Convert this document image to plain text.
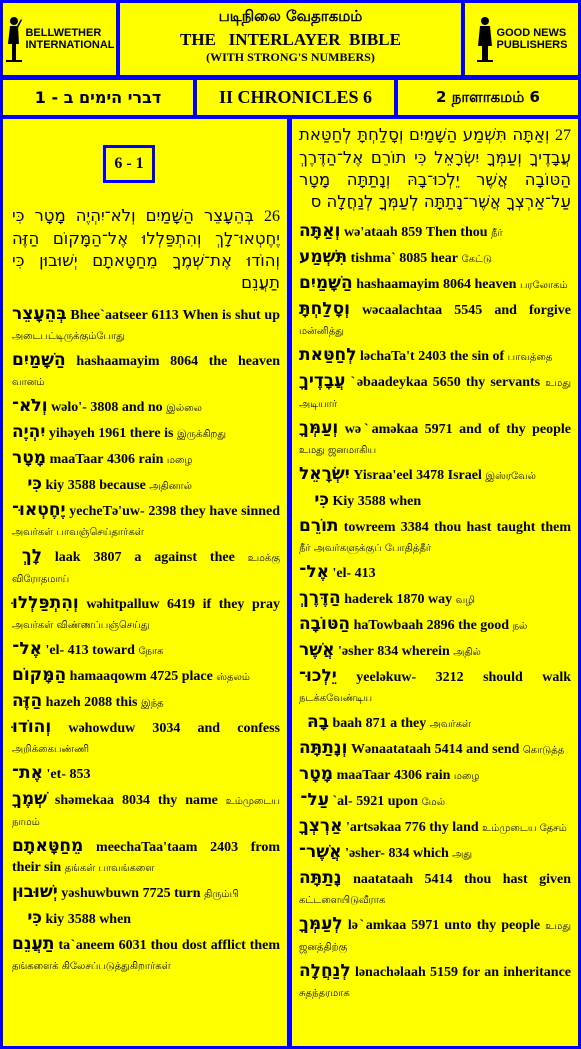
BELLWETHER
INTERNATIONAL
படிநிலை வேதாகமம்
THE   INTERLAYER  BIBLE
(WITH STRONG'S NUMBERS)
GOOD NEWS
PUBLISHERS
דברי הימים ב - 1	II CHRONICLES 6	2 நாளாகமம் 6
6 - 1
26 בְּהֵעָצֵר הַשָּׁמַיִם וְלֹא־יִהְיֶה מָטָר כִּי יֶחֶטְאוּ־לָךְ וְהִתְפַּלְלוּ אֶל־הַמָּקוֹם הַזֶּה וְהוֹדוּ אֶת־שְׁמֶךָ מֵחַטָּאתָם יְשׁוּבוּן כִּי תַעֲנֵם
בְּהֵעָצֵר Bheeˋaatseer 6113 When is shut up அடைபட்டிருக்கும்போது
הַשָּׁמַיִם hashaamayim 8064 the heaven வானம்
וְלֹא־ wəlo'- 3808 and no இல்லை
יִהְיֶה yihəyeh 1961 there is இருக்கிறது
מָטָר maaTaar 4306 rain மழை
כִּי kiy 3588 because அதினால்
יֶחֶטְאוּ־ yecheTə'uw- 2398 they have sinned அவர்கள் பாவஞ்செய்தார்கள்
לָךְ laak 3807 a against thee உமக்கு விரோதமாய்
וְהִתְפַּלְלוּ wəhitpalluw 6419 if they pray அவர்கள் விண்ணப்பஞ்செய்து
אֶל־ 'el- 413 toward நோக
הַמָּקוֹם hamaaqowm 4725 place ஸ்தலம்
הַזֶּה hazeh 2088 this இந்த
וְהוֹדוּ wəhowduw 3034 and confess அறிக்கைபண்ணி
אֶת־ 'et- 853
שְׁמֶךָ shəmekaa 8034 thy name உம்முடைய நாமம்
מֵחַטָּאתָם meechaTaa'taam 2403 from their sin தங்கள் பாவங்களை
יְשׁוּבוּן yəshuwbuwn 7725 turn திரும்பி
כִּי kiy 3588 when
תַעֲנֵם taˋaneem 6031 thou dost afflict them தங்களைக் கிலேசப்படுத்துகிறார்கள்
27 וְאַתָּה תִּשְׁמַע הַשָּׁמַיִם וְסָלַחְתָּ לְחַטַּאת עֲבָדֶיךָ וְעַמְּךָ יִשְׂרָאֵל כִּי תוֹרֵם אֶל־הַדֶּרֶךְ הַטּוֹבָה אֲשֶׁר יֵלְכוּ־בָהּ וְנָתַתָּה מָטָר עַל־אַרְצְךָ אֲשֶׁר־נָתַתָּה לְעַמְּךָ לְנַחֲלָה ס
וְאַתָּה wə'ataah 859 Then thou நீர்
תִּשְׁמַע tishmaˋ 8085 hear கேட்டு
הַשָּׁמַיִם hashaamayim 8064 heaven பரலோகம்
וְסָלַחְתָּ wəcaalachtaa 5545 and forgive மன்னித்து
לְחַטַּאת ləchaTa't 2403 the sin of பாவத்தை
עֲבָדֶיךָ ˋəbaadeykaa 5650 thy servants உமது அடியார்
וְעַמְּךָ wəˋaməkaa 5971 and of thy people உமது ஜனமாகிய
יִשְׂרָאֵל Yisraa'eel 3478 Israel இஸ்ரவேல்
כִּי Kiy 3588 when
תוֹרֵם towreem 3384 thou hast taught them நீர் அவர்களுக்குப் போதித்தீர்
אֶל־ 'el- 413
הַדֶּרֶךְ haderek 1870 way வழி
הַטּוֹבָה haTowbaah 2896 the good நல்
אֲשֶׁר 'əsher 834 wherein அதில்
יֵלְכוּ־ yeeləkuw- 3212 should walk நடக்கவேண்டிய
בָהּ baah 871 a they அவர்கள்
וְנָתַתָּה Wənaatataah 5414 and send கொடுத்த
מָטָר maaTaar 4306 rain மழை
עַל־ ˋal- 5921 upon மேல்
אַרְצְךָ 'artsəkaa 776 thy land உம்முடைய தேசம்
אֲשֶׁר־ 'əsher- 834 which அது
נָתַתָּה naatataah 5414 thou hast given கட்டளையிடுவீராக
לְעַמְּךָ ləˋamkaa 5971 unto thy people உமது ஜனத்திற்கு
לְנַחֲלָה lənachəlaah 5159 for an inheritance சுதந்தரமாக
